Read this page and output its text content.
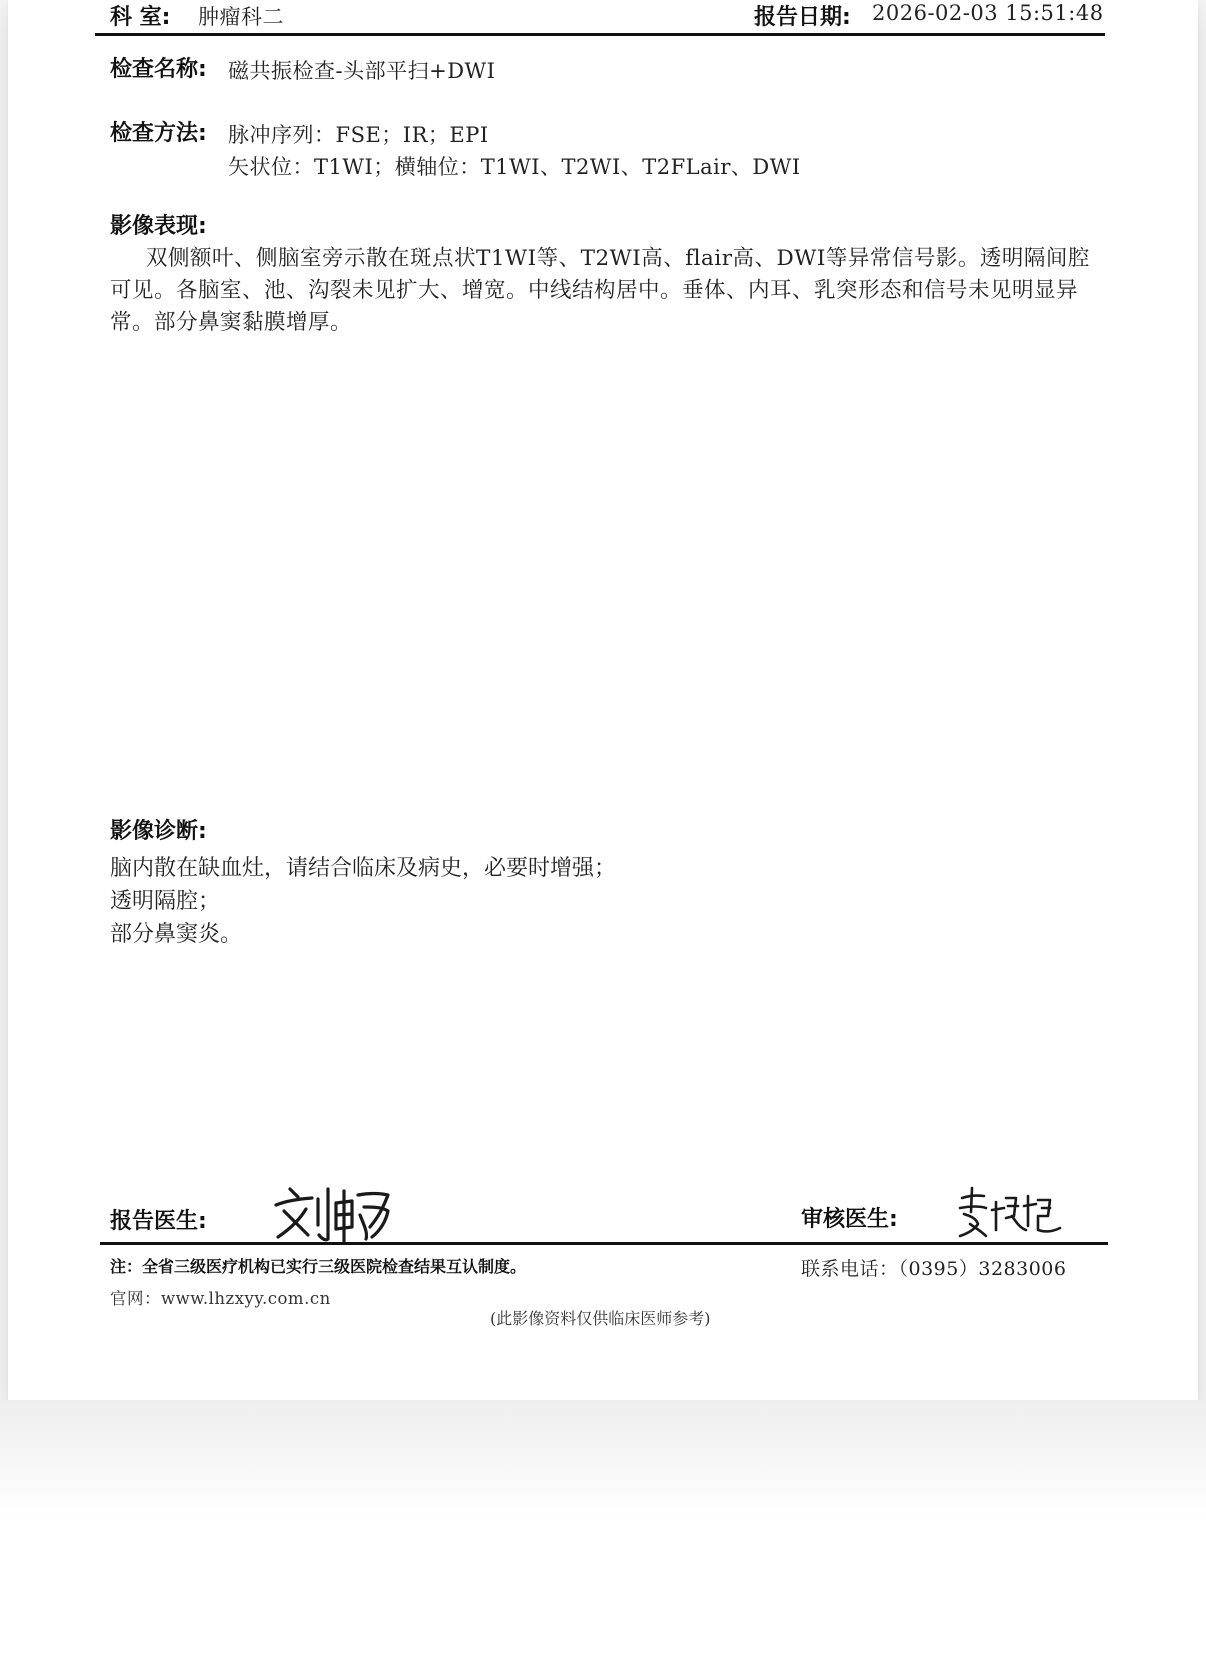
科 室: 肿瘤科二	报告日期: 2026-02-03 15:51:48
检查名称: 磁共振检查-头部平扫+DWI
检查方法: 脉冲序列：FSE；IR；EPI
矢状位：T1WI；横轴位：T1WI、T2WI、T2FLair、DWI
影像表现:

双侧额叶、侧脑室旁示散在斑点状T1WI等、T2WI高、flair高、DWI等异常信号影。透明隔间腔可见。各脑室、池、沟裂未见扩大、增宽。中线结构居中。垂体、内耳、乳突形态和信号未见明显异常。部分鼻窦黏膜增厚。

影像诊断:
脑内散在缺血灶，请结合临床及病史，必要时增强；
透明隔腔；
部分鼻窦炎。
报告医生:	审核医生:
注：全省三级医疗机构已实行三级医院检查结果互认制度。	联系电话：（0395）3283006
官网：www.lhzxyy.com.cn
(此影像资料仅供临床医师参考)
